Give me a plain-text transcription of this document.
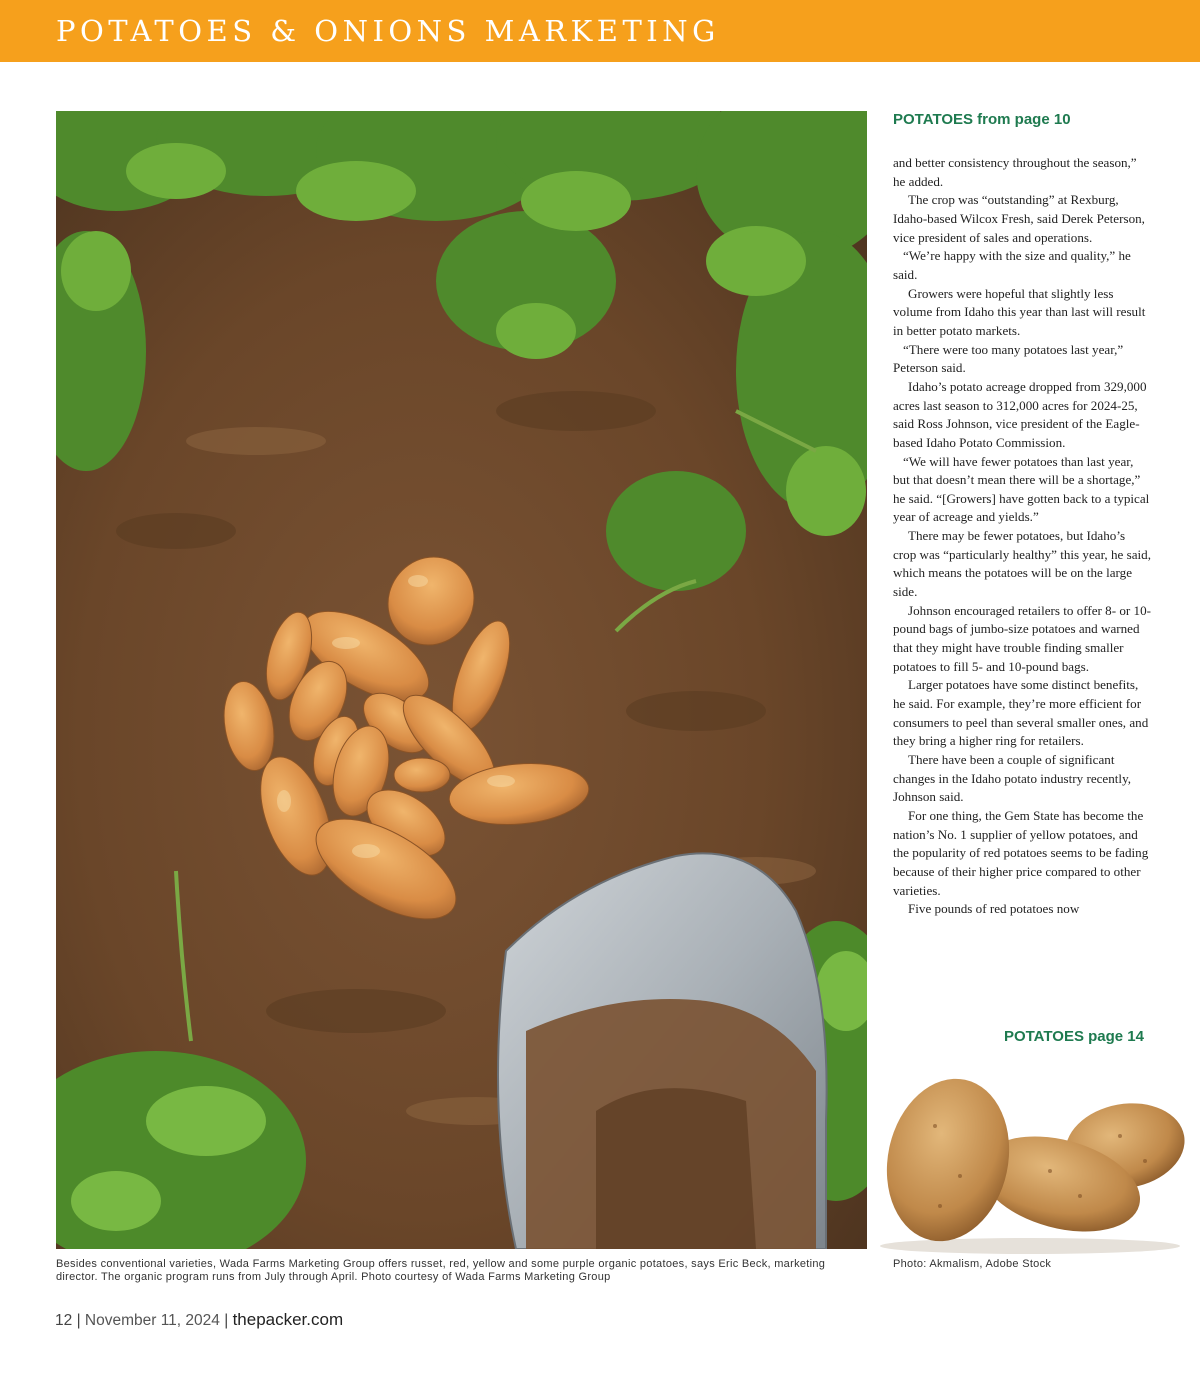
POTATOES & ONIONS MARKETING
Besides conventional varieties, Wada Farms Marketing Group offers russet, red, yellow and some purple organic potatoes, says Eric Beck, marketing director. The organic program runs from July through April. Photo courtesy of Wada Farms Marketing Group
POTATOES from page 10

and better consistency throughout the season,” he added.

The crop was “outstanding” at Rexburg, Idaho-based Wilcox Fresh, said Derek Peterson, vice president of sales and operations.

“We’re happy with the size and quality,” he said.

Growers were hopeful that slightly less volume from Idaho this year than last will result in better potato markets.

“There were too many potatoes last year,” Peterson said.

Idaho’s potato acreage dropped from 329,000 acres last season to 312,000 acres for 2024-25, said Ross Johnson, vice president of the Eagle-based Idaho Potato Commission.

“We will have fewer potatoes than last year, but that doesn’t mean there will be a shortage,” he said. “[Growers] have gotten back to a typical year of acreage and yields.”

There may be fewer potatoes, but Idaho’s crop was “particularly healthy” this year, he said, which means the potatoes will be on the large side.

Johnson encouraged retailers to offer 8- or 10-pound bags of jumbo-size potatoes and warned that they might have trouble finding smaller potatoes to fill 5- and 10-pound bags.

Larger potatoes have some distinct benefits, he said. For example, they’re more efficient for consumers to peel than several smaller ones, and they bring a higher ring for retailers.

There have been a couple of significant changes in the Idaho potato industry recently, Johnson said.

For one thing, the Gem State has become the nation’s No. 1 supplier of yellow potatoes, and the popularity of red potatoes seems to be fading because of their higher price compared to other varieties.

Five pounds of red potatoes now

POTATOES page 14
Photo: Akmalism, Adobe Stock
12 | November 11, 2024 | thepacker.com
